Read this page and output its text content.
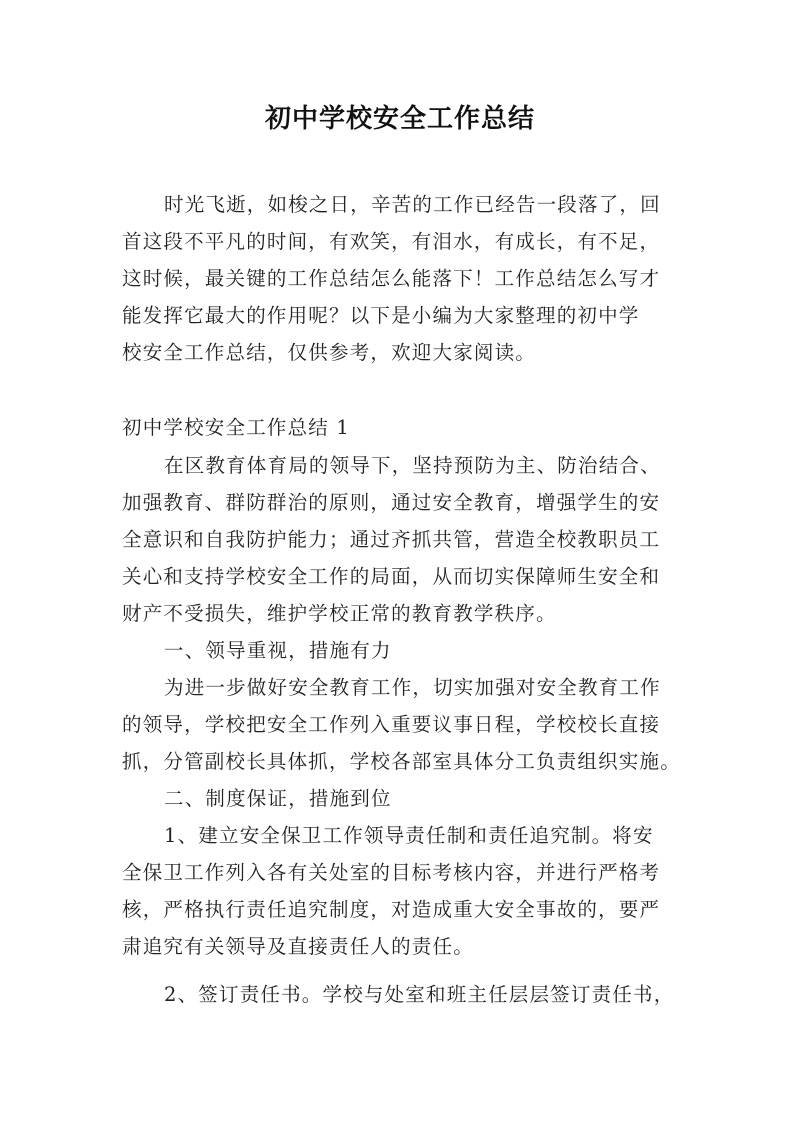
初中学校安全工作总结
时光飞逝，如梭之日，辛苦的工作已经告一段落了，回
首这段不平凡的时间，有欢笑，有泪水，有成长，有不足，
这时候，最关键的工作总结怎么能落下！工作总结怎么写才
能发挥它最大的作用呢？以下是小编为大家整理的初中学
校安全工作总结，仅供参考，欢迎大家阅读。
初中学校安全工作总结 1
在区教育体育局的领导下，坚持预防为主、防治结合、
加强教育、群防群治的原则，通过安全教育，增强学生的安
全意识和自我防护能力；通过齐抓共管，营造全校教职员工
关心和支持学校安全工作的局面，从而切实保障师生安全和
财产不受损失，维护学校正常的教育教学秩序。
一、领导重视，措施有力
为进一步做好安全教育工作，切实加强对安全教育工作
的领导，学校把安全工作列入重要议事日程，学校校长直接
抓，分管副校长具体抓，学校各部室具体分工负责组织实施。
二、制度保证，措施到位
1、建立安全保卫工作领导责任制和责任追究制。将安
全保卫工作列入各有关处室的目标考核内容，并进行严格考
核，严格执行责任追究制度，对造成重大安全事故的，要严
肃追究有关领导及直接责任人的责任。
2、签订责任书。学校与处室和班主任层层签订责任书，
